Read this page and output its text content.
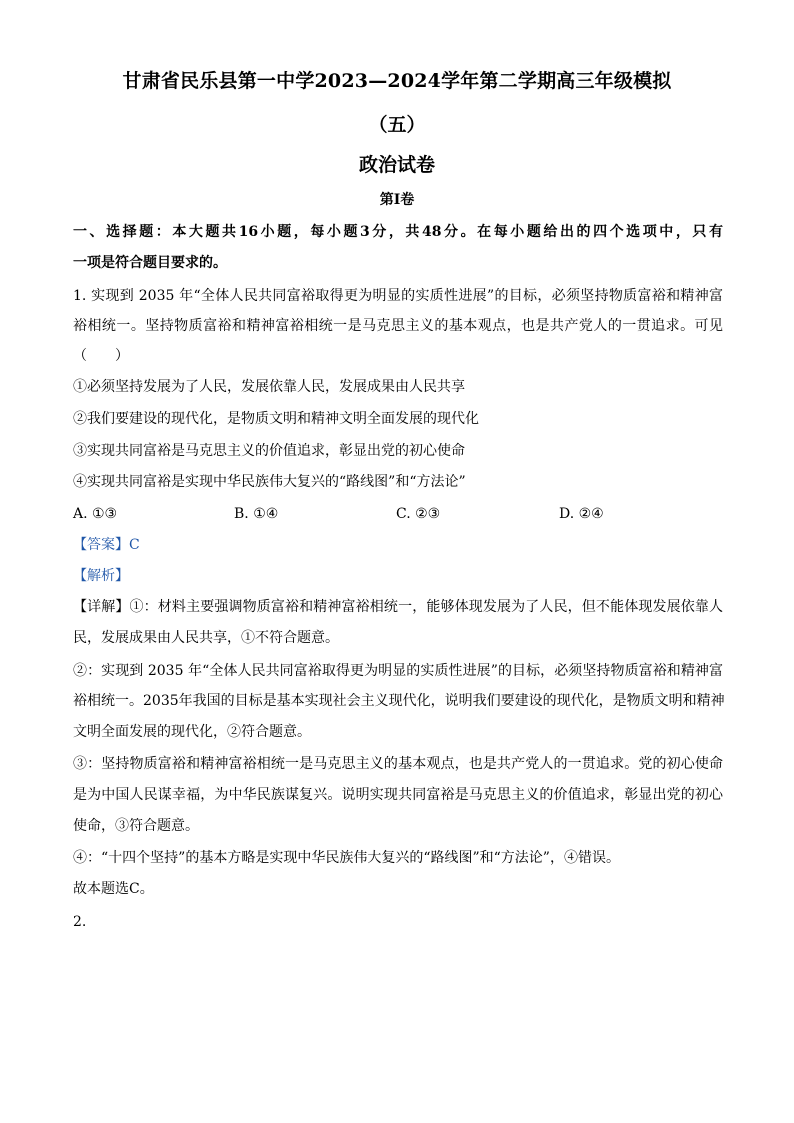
甘肃省民乐县第一中学2023—2024学年第二学期高三年级模拟
（五）
政治试卷
第Ⅰ卷
一、选择题：本大题共16小题，每小题3分，共48分。在每小题给出的四个选项中，只有
一项是符合题目要求的。
1. 实现到 2035 年“全体人民共同富裕取得更为明显的实质性进展”的目标，必须坚持物质富裕和精神富
裕相统一。坚持物质富裕和精神富裕相统一是马克思主义的基本观点，也是共产党人的一贯追求。可见
（　　）
①必须坚持发展为了人民，发展依靠人民，发展成果由人民共享
②我们要建设的现代化，是物质文明和精神文明全面发展的现代化
③实现共同富裕是马克思主义的价值追求，彰显出党的初心使命
④实现共同富裕是实现中华民族伟大复兴的“路线图”和“方法论”
A. ①③	B. ①④	C. ②③	D. ②④
【答案】C
【解析】
【详解】①：材料主要强调物质富裕和精神富裕相统一，能够体现发展为了人民，但不能体现发展依靠人
民，发展成果由人民共享，①不符合题意。
②：实现到 2035 年“全体人民共同富裕取得更为明显的实质性进展”的目标，必须坚持物质富裕和精神富
裕相统一。2035年我国的目标是基本实现社会主义现代化，说明我们要建设的现代化，是物质文明和精神
文明全面发展的现代化，②符合题意。
③：坚持物质富裕和精神富裕相统一是马克思主义的基本观点，也是共产党人的一贯追求。党的初心使命
是为中国人民谋幸福，为中华民族谋复兴。说明实现共同富裕是马克思主义的价值追求，彰显出党的初心
使命，③符合题意。
④：“十四个坚持”的基本方略是实现中华民族伟大复兴的“路线图”和“方法论”，④错误。
故本题选C。
2.
